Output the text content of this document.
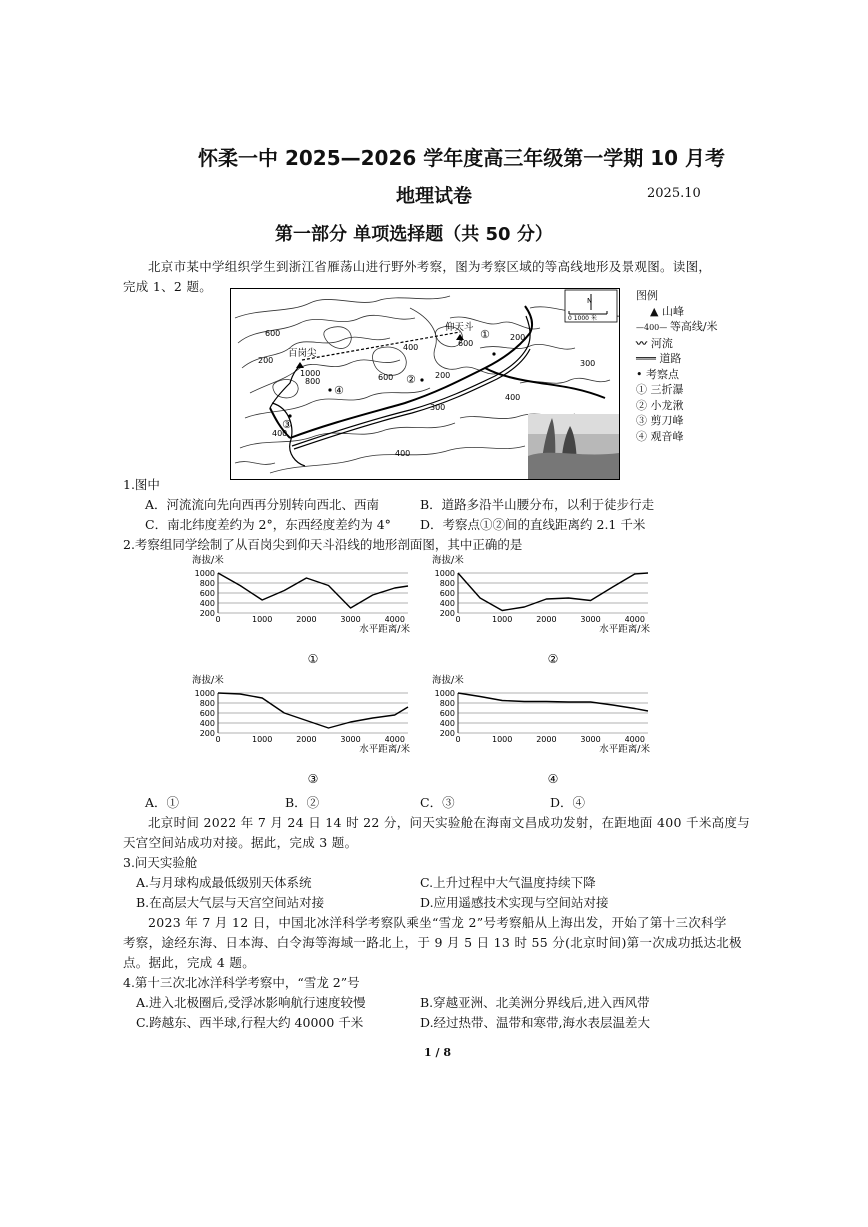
怀柔一中 2025—2026 学年度高三年级第一学期 10 月考
地理试卷	2025.10
第一部分 单项选择题（共 50 分）
北京市某中学组织学生到浙江省雁荡山进行野外考察，图为考察区域的等高线地形及景观图。读图，
完成 1、2 题。
600
200
百岗尖
1000
仰天斗
600
400
600	200
200
300
800
400
300
400
400
①
②
③
④
N
0 1000 米
图例
▲ 山峰
—400— 等高线/米
〰 河流
═══ 道路
• 考察点
① 三折瀑
② 小龙湫
③ 剪刀峰
④ 观音峰
1.图中
A．河流流向先向西再分别转向西北、西南	B．道路多沿半山腰分布，以利于徒步行走
C．南北纬度差约为 2°，东西经度差约为 4° D．考察点①②间的直线距离约 2.1 千米
2.考察组同学绘制了从百岗尖到仰天斗沿线的地形剖面图，其中正确的是
海拔/米
1000
800
600
400
200
0	1000	2000	3000	4000
水平距离/米
①
海拔/米
1000
800
600
400
200
0	1000	2000	3000	4000
水平距离/米
②
海拔/米
1000
800
600
400
200
0	1000	2000	3000	4000
水平距离/米
③
海拔/米
1000
800
600
400
200
0	1000	2000	3000	4000
水平距离/米
④
A．①	B．②	C．③	D．④
北京时间 2022 年 7 月 24 日 14 时 22 分，问天实验舱在海南文昌成功发射，在距地面 400 千米高度与
天宫空间站成功对接。据此，完成 3 题。
3.问天实验舱
A.与月球构成最低级别天体系统	C.上升过程中大气温度持续下降
B.在高层大气层与天宫空间站对接	D.应用遥感技术实现与空间站对接
2023 年 7 月 12 日，中国北冰洋科学考察队乘坐“雪龙 2”号考察船从上海出发，开始了第十三次科学
考察，途经东海、日本海、白令海等海域一路北上，于 9 月 5 日 13 时 55 分(北京时间)第一次成功抵达北极
点。据此，完成 4 题。
4.第十三次北冰洋科学考察中，“雪龙 2”号
A.进入北极圈后,受浮冰影响航行速度较慢	B.穿越亚洲、北美洲分界线后,进入西风带
C.跨越东、西半球,行程大约 40000 千米	D.经过热带、温带和寒带,海水表层温差大
1 / 8
